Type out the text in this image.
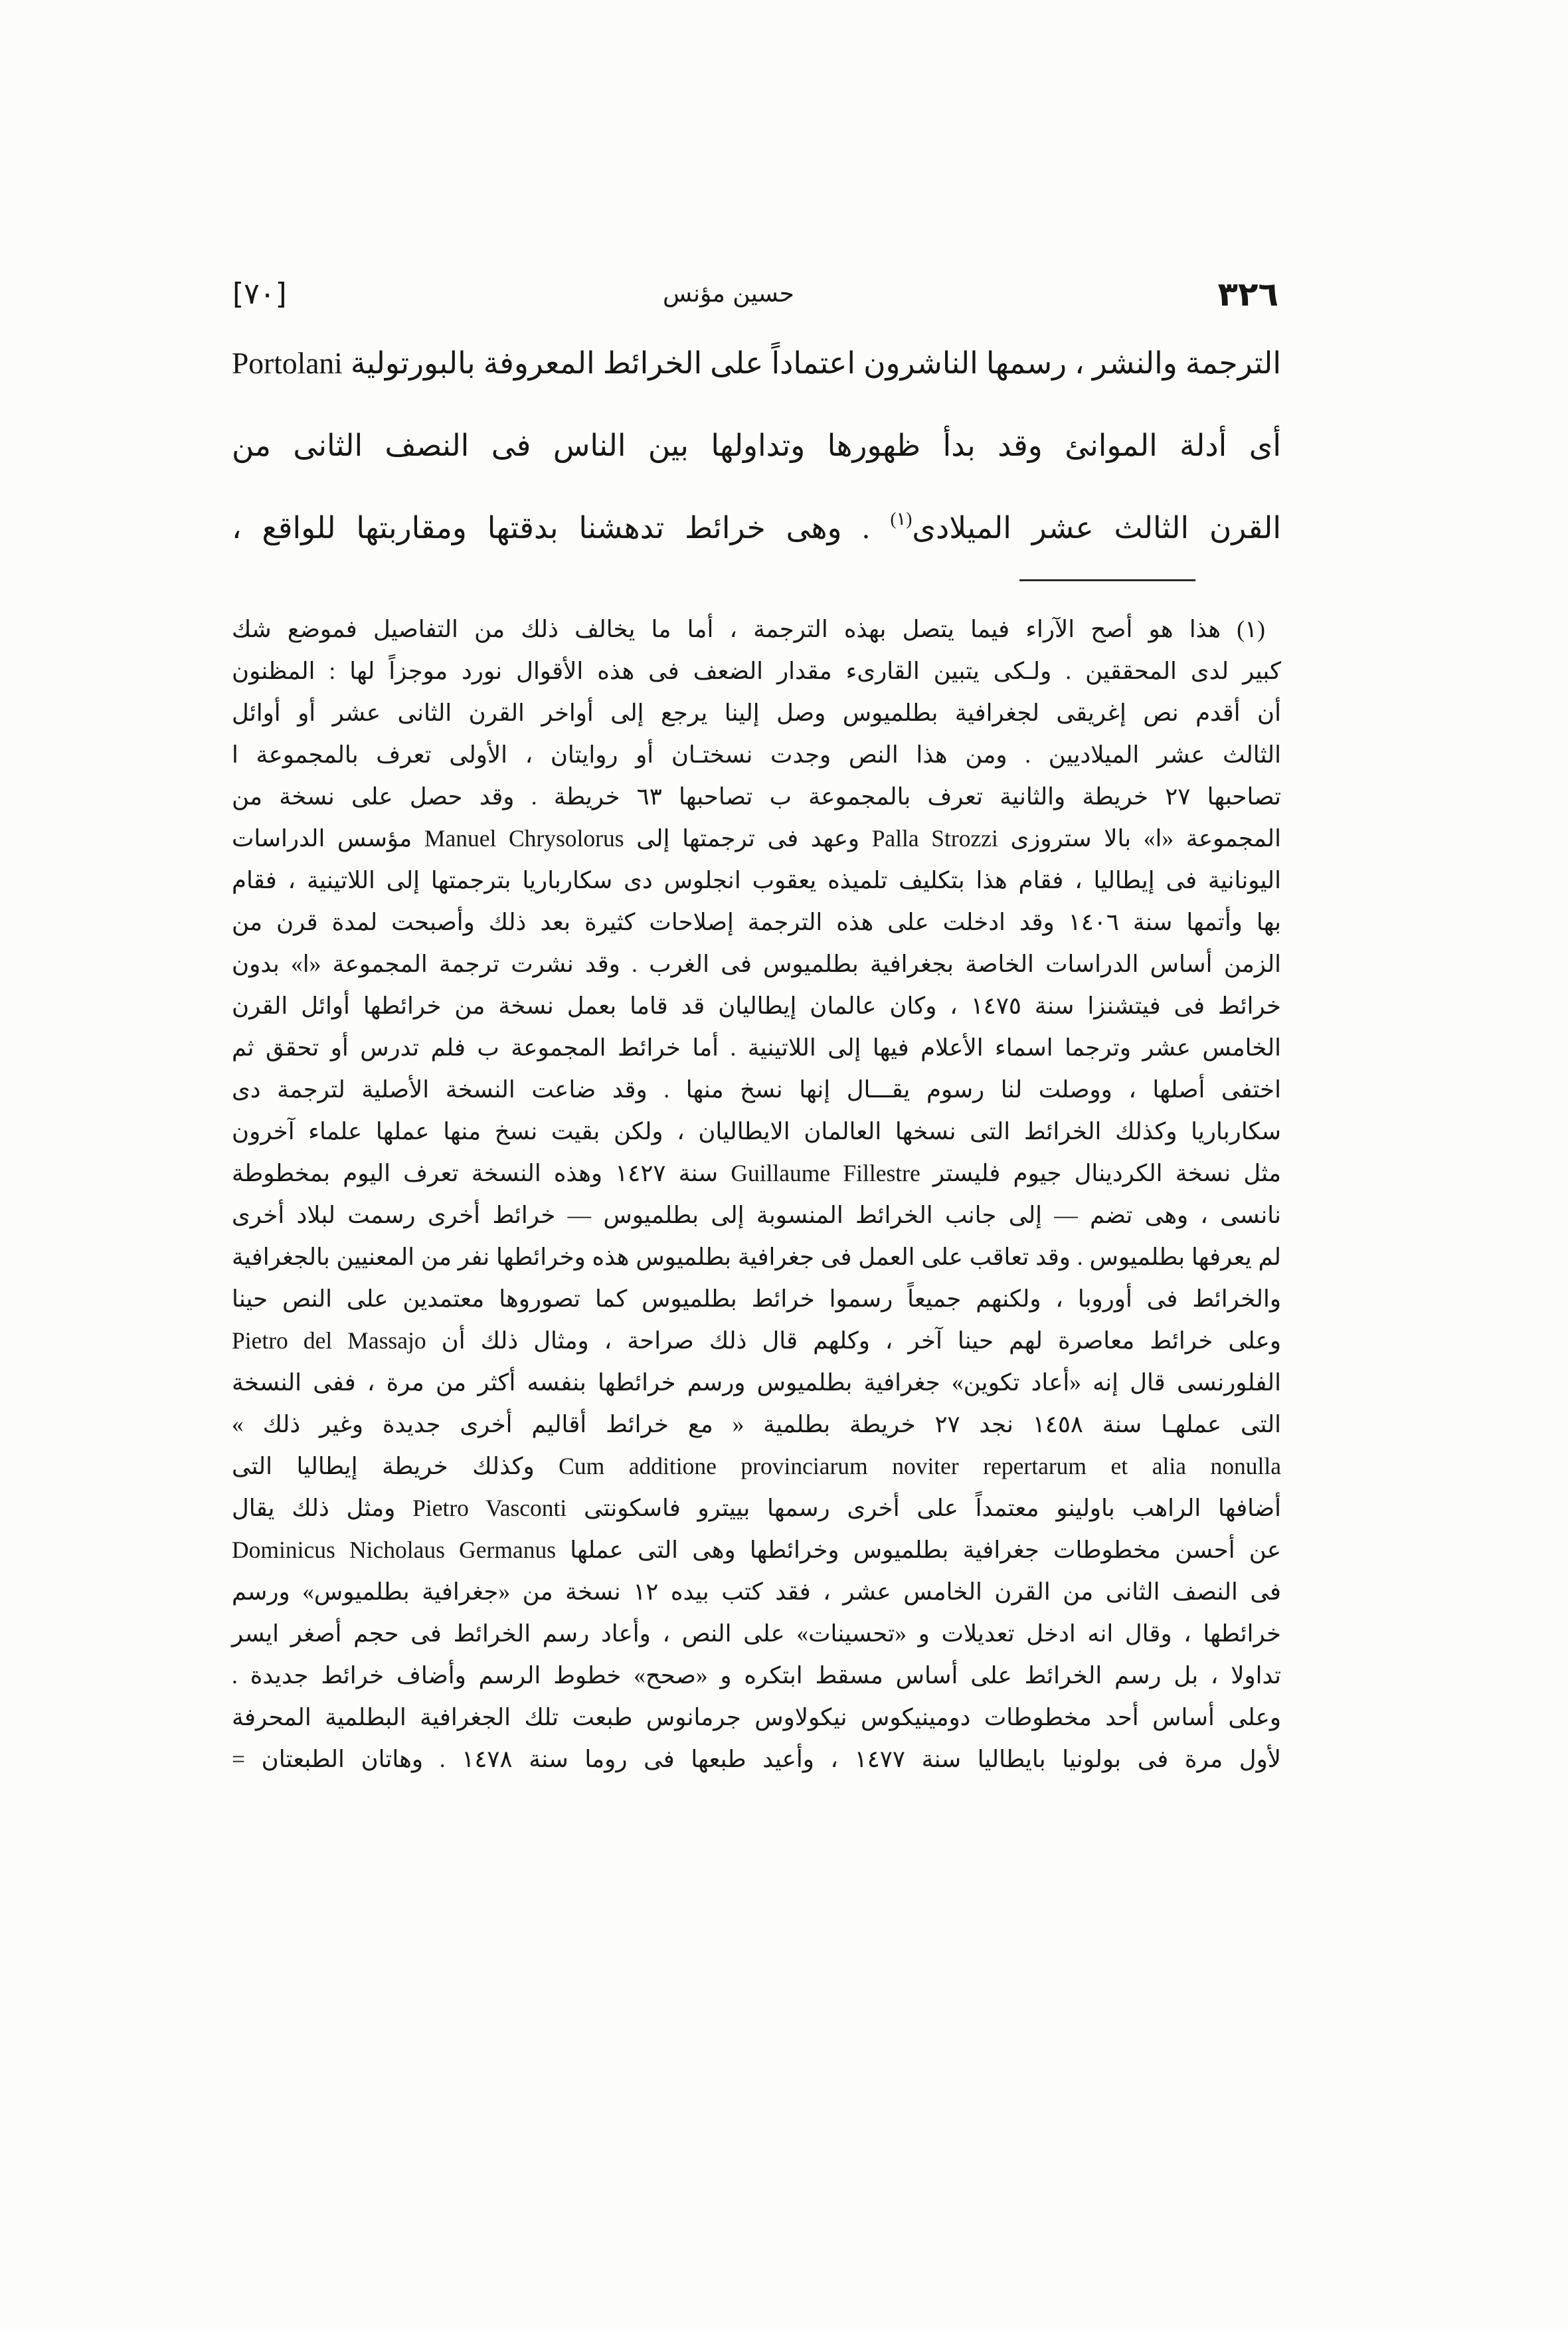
٣٢٦
حسين مؤنس
[٧٠]
الترجمة والنشر ، رسمها الناشرون اعتماداً على الخرائط المعروفة بالبورتولية Portolani
أى أدلة الموانئ وقد بدأ ظهورها وتداولها بين الناس فى النصف الثانى من
القرن الثالث عشر الميلادى$^{(١)}$ . وهى خرائط تدهشنا بدقتها ومقاربتها للواقع ،
(١) هذا هو أصح الآراء فيما يتصل بهذه الترجمة ، أما ما يخالف ذلك من التفاصيل فموضع شك
كبير لدى المحققين . ولـكى يتبين القارىء مقدار الضعف فى هذه الأقوال نورد موجزاً لها : المظنون
أن أقدم نص إغريقى لجغرافية بطلميوس وصل إلينا يرجع إلى أواخر القرن الثانى عشر أو أوائل
الثالث عشر الميلاديين . ومن هذا النص وجدت نسختـان أو روايتان ، الأولى تعرف بالمجموعة ا
تصاحبها ٢٧ خريطة والثانية تعرف بالمجموعة ب تصاحبها ٦٣ خريطة . وقد حصل على نسخة من
المجموعة «ا» بالا ستروزى Palla Strozzi وعهد فى ترجمتها إلى Manuel Chrysolorus مؤسس الدراسات
اليونانية فى إيطاليا ، فقام هذا بتكليف تلميذه يعقوب انجلوس دى سكارباريا بترجمتها إلى اللاتينية ، فقام
بها وأتمها سنة ١٤٠٦ وقد ادخلت على هذه الترجمة إصلاحات كثيرة بعد ذلك وأصبحت لمدة قرن من
الزمن أساس الدراسات الخاصة بجغرافية بطلميوس فى الغرب . وقد نشرت ترجمة المجموعة «ا» بدون
خرائط فى فيتشنزا سنة ١٤٧٥ ، وكان عالمان إيطاليان قد قاما بعمل نسخة من خرائطها أوائل القرن
الخامس عشر وترجما اسماء الأعلام فيها إلى اللاتينية . أما خرائط المجموعة ب فلم تدرس أو تحقق ثم
اختفى أصلها ، ووصلت لنا رسوم يقـــال إنها نسخ منها . وقد ضاعت النسخة الأصلية لترجمة دى
سكارباريا وكذلك الخرائط التى نسخها العالمان الايطاليان ، ولكن بقيت نسخ منها عملها علماء آخرون
مثل نسخة الكردينال جيوم فليستر Guillaume Fillestre سنة ١٤٢٧ وهذه النسخة تعرف اليوم بمخطوطة
نانسى ، وهى تضم — إلى جانب الخرائط المنسوبة إلى بطلميوس — خرائط أخرى رسمت لبلاد أخرى
لم يعرفها بطلميوس . وقد تعاقب على العمل فى جغرافية بطلميوس هذه وخرائطها نفر من المعنيين بالجغرافية
والخرائط فى أوروبا ، ولكنهم جميعاً رسموا خرائط بطلميوس كما تصوروها معتمدين على النص حينا
وعلى خرائط معاصرة لهم حينا آخر ، وكلهم قال ذلك صراحة ، ومثال ذلك أن Pietro del Massajo
الفلورنسى قال إنه «أعاد تكوين» جغرافية بطلميوس ورسم خرائطها بنفسه أكثر من مرة ، ففى النسخة
التى عملهـا سنة ١٤٥٨ نجد ٢٧ خريطة بطلمية « مع خرائط أقاليم أخرى جديدة وغير ذلك »
Cum additione provinciarum noviter repertarum et alia nonulla وكذلك خريطة إيطاليا التى
أضافها الراهب باولينو معتمداً على أخرى رسمها بييترو فاسكونتى Pietro Vasconti ومثل ذلك يقال
عن أحسن مخطوطات جغرافية بطلميوس وخرائطها وهى التى عملها Dominicus Nicholaus Germanus
فى النصف الثانى من القرن الخامس عشر ، فقد كتب بيده ١٢ نسخة من «جغرافية بطلميوس» ورسم
خرائطها ، وقال انه ادخل تعديلات و «تحسينات» على النص ، وأعاد رسم الخرائط فى حجم أصغر ايسر
تداولا ، بل رسم الخرائط على أساس مسقط ابتكره و «صحح» خطوط الرسم وأضاف خرائط جديدة .
وعلى أساس أحد مخطوطات دومينيكوس نيكولاوس جرمانوس طبعت تلك الجغرافية البطلمية المحرفة
لأول مرة فى بولونيا بايطاليا سنة ١٤٧٧ ، وأعيد طبعها فى روما سنة ١٤٧٨ . وهاتان الطبعتان =
